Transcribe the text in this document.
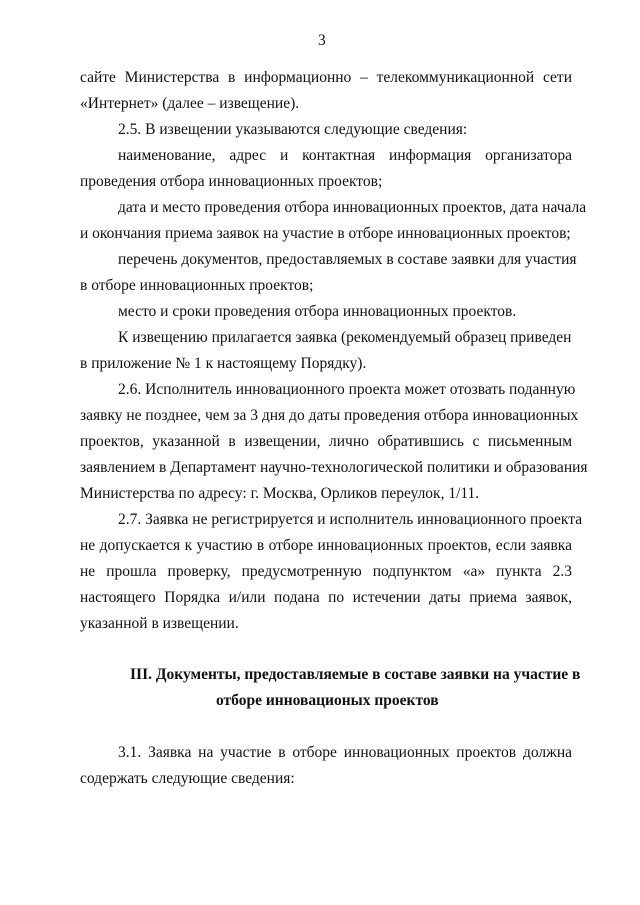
3
сайте Министерства в информационно – телекоммуникационной сети
«Интернет» (далее – извещение).
2.5. В извещении указываются следующие сведения:
наименование, адрес и контактная информация организатора
проведения отбора инновационных проектов;
дата и место проведения отбора инновационных проектов, дата начала
и окончания приема заявок на участие в отборе инновационных проектов;
перечень документов, предоставляемых в составе заявки для участия
в отборе инновационных проектов;
место и сроки проведения отбора инновационных проектов.
К извещению прилагается заявка (рекомендуемый образец приведен
в приложение № 1 к настоящему Порядку).
2.6. Исполнитель инновационного проекта может отозвать поданную
заявку не позднее, чем за 3 дня до даты проведения отбора инновационных
проектов, указанной в извещении, лично обратившись с письменным
заявлением в Департамент научно-технологической политики и образования
Министерства по адресу: г. Москва, Орликов переулок, 1/11.
2.7. Заявка не регистрируется и исполнитель инновационного проекта
не допускается к участию в отборе инновационных проектов, если заявка
не прошла проверку, предусмотренную подпунктом «а» пункта 2.3
настоящего Порядка и/или подана по истечении даты приема заявок,
указанной в извещении.
III. Документы, предоставляемые в составе заявки на участие в
отборе инновационых проектов
3.1. Заявка на участие в отборе инновационных проектов должна
содержать следующие сведения:
